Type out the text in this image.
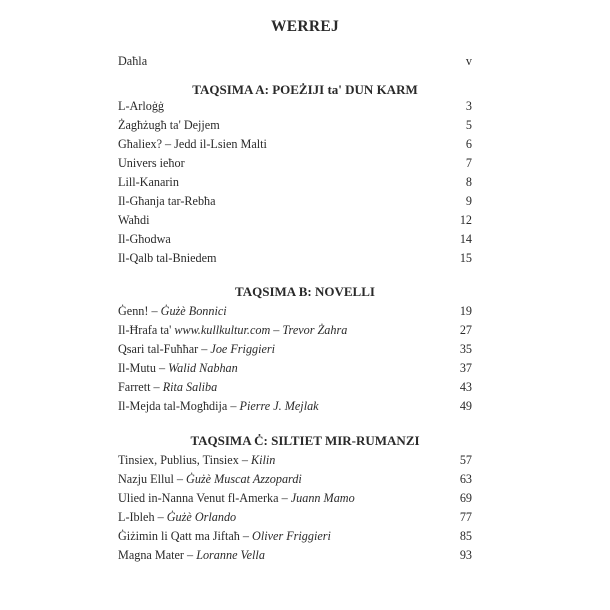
WERREJ
Daħla	v
TAQSIMA A: POEŻIJI ta' DUN KARM
L-Arloġġ	3
Żagħżugħ ta' Dejjem	5
Għaliex? – Jedd il-Lsien Malti	6
Univers ieħor	7
Lill-Kanarin	8
Il-Għanja tar-Rebħa	9
Waħdi	12
Il-Għodwa	14
Il-Qalb tal-Bniedem	15
TAQSIMA B: NOVELLI
Ġenn! – Ġużè Bonnici	19
Il-Ħrafa ta' www.kullkultur.com – Trevor Żahra	27
Qsari tal-Fuħħar – Joe Friggieri	35
Il-Mutu – Walid Nabhan	37
Farrett – Rita Saliba	43
Il-Mejda tal-Mogħdija – Pierre J. Mejlak	49
TAQSIMA Ċ: SILTIET MIR-RUMANZI
Tinsiex, Publius, Tinsiex – Kilin	57
Nazju Ellul – Ġużè Muscat Azzopardi	63
Ulied in-Nanna Venut fl-Amerka – Juann Mamo	69
L-Ibleh – Ġużè Orlando	77
Ġiżimin li Qatt ma Jiftaħ – Oliver Friggieri	85
Magna Mater – Loranne Vella	93
